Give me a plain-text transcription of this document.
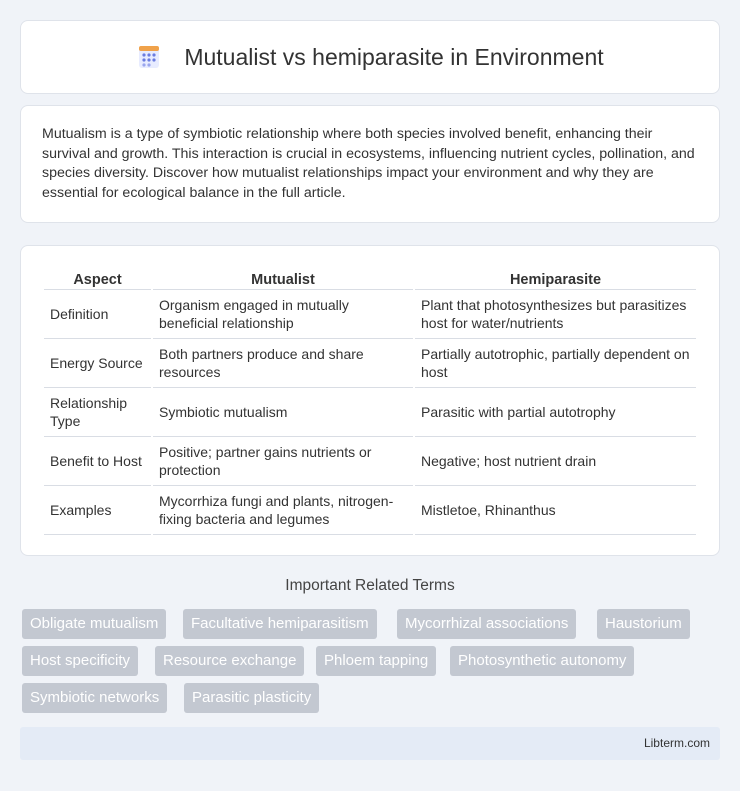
Mutualist vs hemiparasite in Environment

Mutualism is a type of symbiotic relationship where both species involved benefit, enhancing their survival and growth. This interaction is crucial in ecosystems, influencing nutrient cycles, pollination, and species diversity. Discover how mutualist relationships impact your environment and why they are essential for ecological balance in the full article.

Aspect	Mutualist	Hemiparasite
Definition	Organism engaged in mutually beneficial relationship	Plant that photosynthesizes but parasitizes host for water/nutrients
Energy Source	Both partners produce and share resources	Partially autotrophic, partially dependent on host
Relationship Type	Symbiotic mutualism	Parasitic with partial autotrophy
Benefit to Host	Positive; partner gains nutrients or protection	Negative; host nutrient drain
Examples	Mycorrhiza fungi and plants, nitrogen-fixing bacteria and legumes	Mistletoe, Rhinanthus
Important Related Terms
Obligate mutualism	Facultative hemiparasitism	Mycorrhizal associations	Haustorium
Host specificity	Resource exchange	Phloem tapping	Photosynthetic autonomy
Symbiotic networks	Parasitic plasticity
Libterm.com
